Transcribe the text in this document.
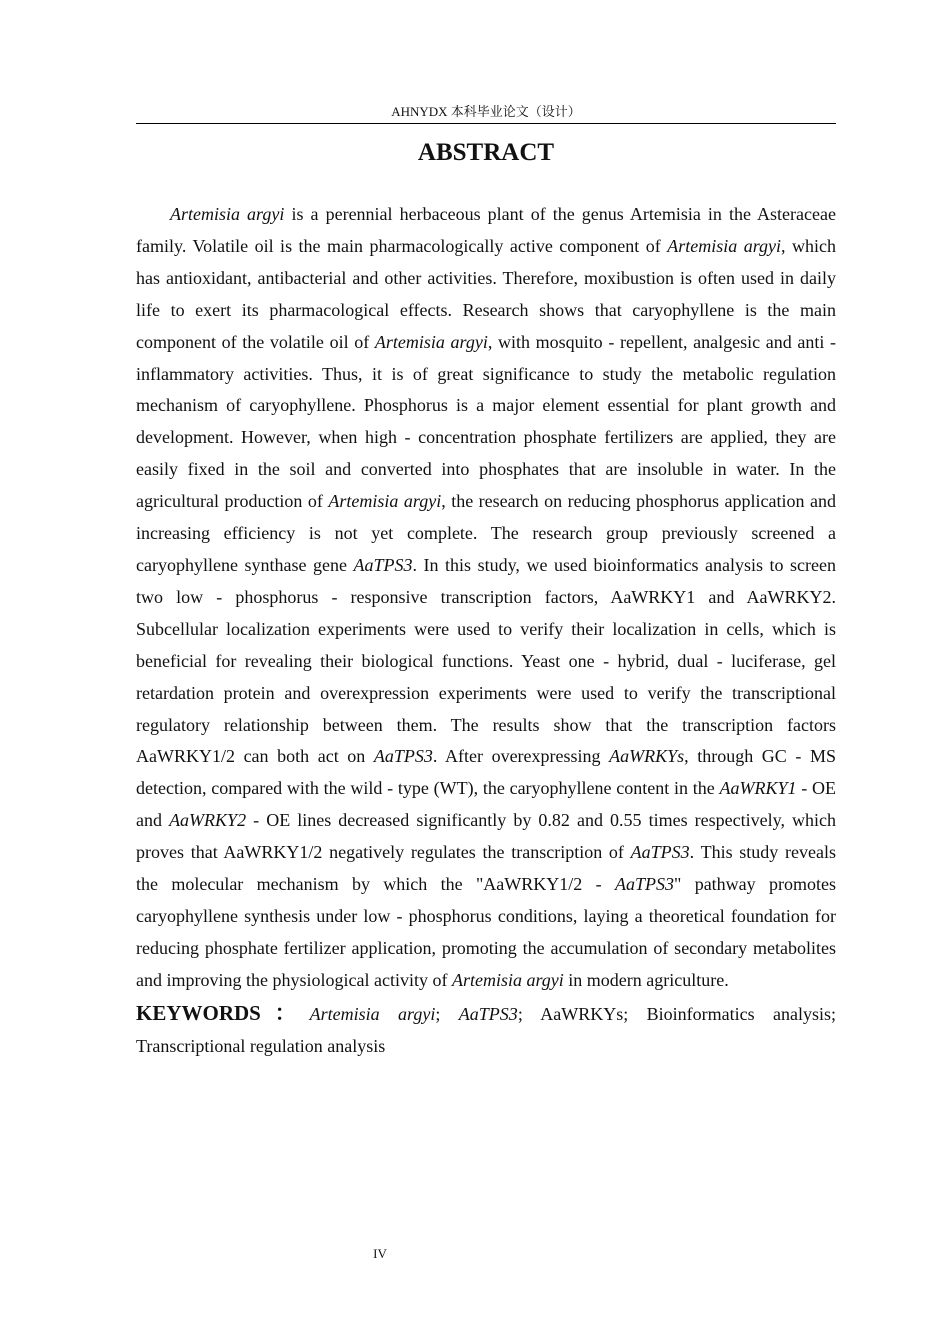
AHNYDX 本科毕业论文（设计）
ABSTRACT

Artemisia argyi is a perennial herbaceous plant of the genus Artemisia in the Asteraceae family. Volatile oil is the main pharmacologically active component of Artemisia argyi, which has antioxidant, antibacterial and other activities. Therefore, moxibustion is often used in daily life to exert its pharmacological effects. Research shows that caryophyllene is the main component of the volatile oil of Artemisia argyi, with mosquito - repellent, analgesic and anti - inflammatory activities. Thus, it is of great significance to study the metabolic regulation mechanism of caryophyllene. Phosphorus is a major element essential for plant growth and development. However, when high - concentration phosphate fertilizers are applied, they are easily fixed in the soil and converted into phosphates that are insoluble in water. In the agricultural production of Artemisia argyi, the research on reducing phosphorus application and increasing efficiency is not yet complete. The research group previously screened a caryophyllene synthase gene AaTPS3. In this study, we used bioinformatics analysis to screen two low - phosphorus - responsive transcription factors, AaWRKY1 and AaWRKY2. Subcellular localization experiments were used to verify their localization in cells, which is beneficial for revealing their biological functions. Yeast one - hybrid, dual - luciferase, gel retardation protein and overexpression experiments were used to verify the transcriptional regulatory relationship between them. The results show that the transcription factors AaWRKY1/2 can both act on AaTPS3. After overexpressing AaWRKYs, through GC - MS detection, compared with the wild - type (WT), the caryophyllene content in the AaWRKY1 - OE and AaWRKY2 - OE lines decreased significantly by 0.82 and 0.55 times respectively, which proves that AaWRKY1/2 negatively regulates the transcription of AaTPS3. This study reveals the molecular mechanism by which the "AaWRKY1/2 - AaTPS3" pathway promotes caryophyllene synthesis under low - phosphorus conditions, laying a theoretical foundation for reducing phosphate fertilizer application, promoting the accumulation of secondary metabolites and improving the physiological activity of Artemisia argyi in modern agriculture.

KEYWORDS：Artemisia argyi; AaTPS3; AaWRKYs; Bioinformatics analysis; Transcriptional regulation analysis
IV
